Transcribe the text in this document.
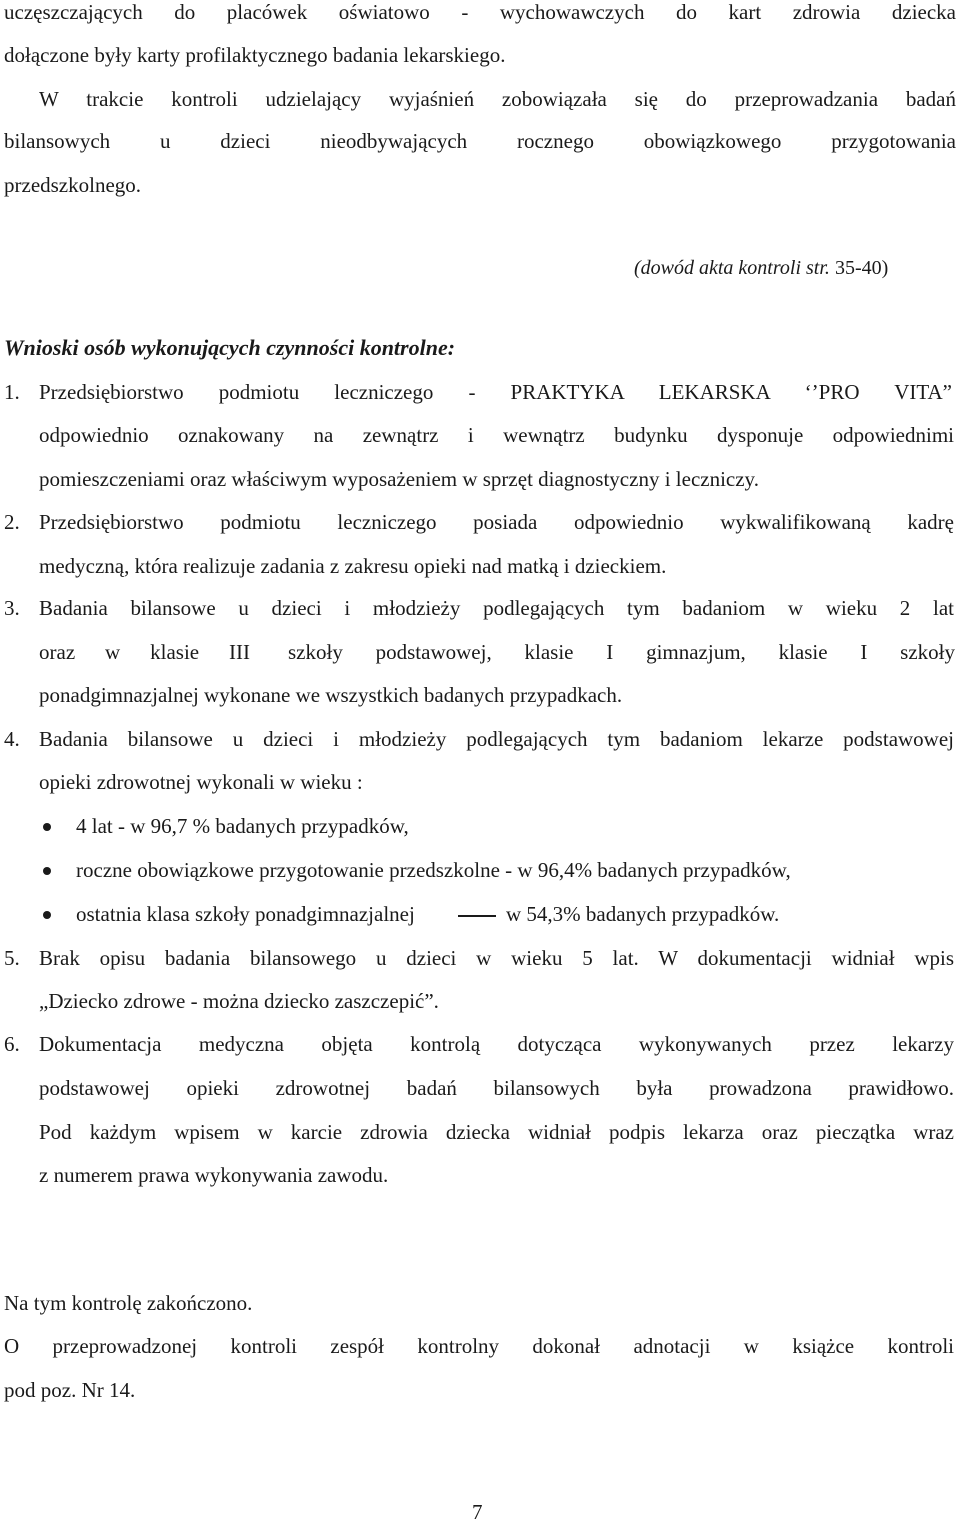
uczęszczających do placówek oświatowo - wychowawczych do kart zdrowia dziecka
dołączone były karty profilaktycznego badania lekarskiego.
W trakcie kontroli udzielający wyjaśnień zobowiązała się do przeprowadzania badań
bilansowych u dzieci nieodbywających rocznego obowiązkowego przygotowania
przedszkolnego.
(dowód akta kontroli str. 35-40)
Wnioski osób wykonujących czynności kontrolne:
1. Przedsiębiorstwo podmiotu leczniczego - PRAKTYKA LEKARSKA ‘’PRO VITA”
odpowiednio oznakowany na zewnątrz i wewnątrz budynku dysponuje odpowiednimi
pomieszczeniami oraz właściwym wyposażeniem w sprzęt diagnostyczny i leczniczy.
2. Przedsiębiorstwo podmiotu leczniczego posiada odpowiednio wykwalifikowaną kadrę
medyczną, która realizuje zadania z zakresu opieki nad matką i dzieckiem.
3. Badania bilansowe u dzieci i młodzieży podlegających tym badaniom w wieku 2 lat
oraz w klasie III szkoły podstawowej, klasie I gimnazjum, klasie I szkoły
ponadgimnazjalnej wykonane we wszystkich badanych przypadkach.
4. Badania bilansowe u dzieci i młodzieży podlegających tym badaniom lekarze podstawowej
opieki zdrowotnej wykonali w wieku :
4 lat - w 96,7 % badanych przypadków,
roczne obowiązkowe przygotowanie przedszkolne - w 96,4% badanych przypadków,
ostatnia klasa szkoły ponadgimnazjalnej	w 54,3% badanych przypadków.
5. Brak opisu badania bilansowego u dzieci w wieku 5 lat. W dokumentacji widniał wpis
„Dziecko zdrowe - można dziecko zaszczepić”.
6. Dokumentacja medyczna objęta kontrolą dotycząca wykonywanych przez lekarzy
podstawowej opieki zdrowotnej badań bilansowych była prowadzona prawidłowo.
Pod każdym wpisem w karcie zdrowia dziecka widniał podpis lekarza oraz pieczątka wraz
z numerem prawa wykonywania zawodu.
Na tym kontrolę zakończono.
O przeprowadzonej kontroli zespół kontrolny dokonał adnotacji w książce kontroli
pod poz. Nr 14.
7
